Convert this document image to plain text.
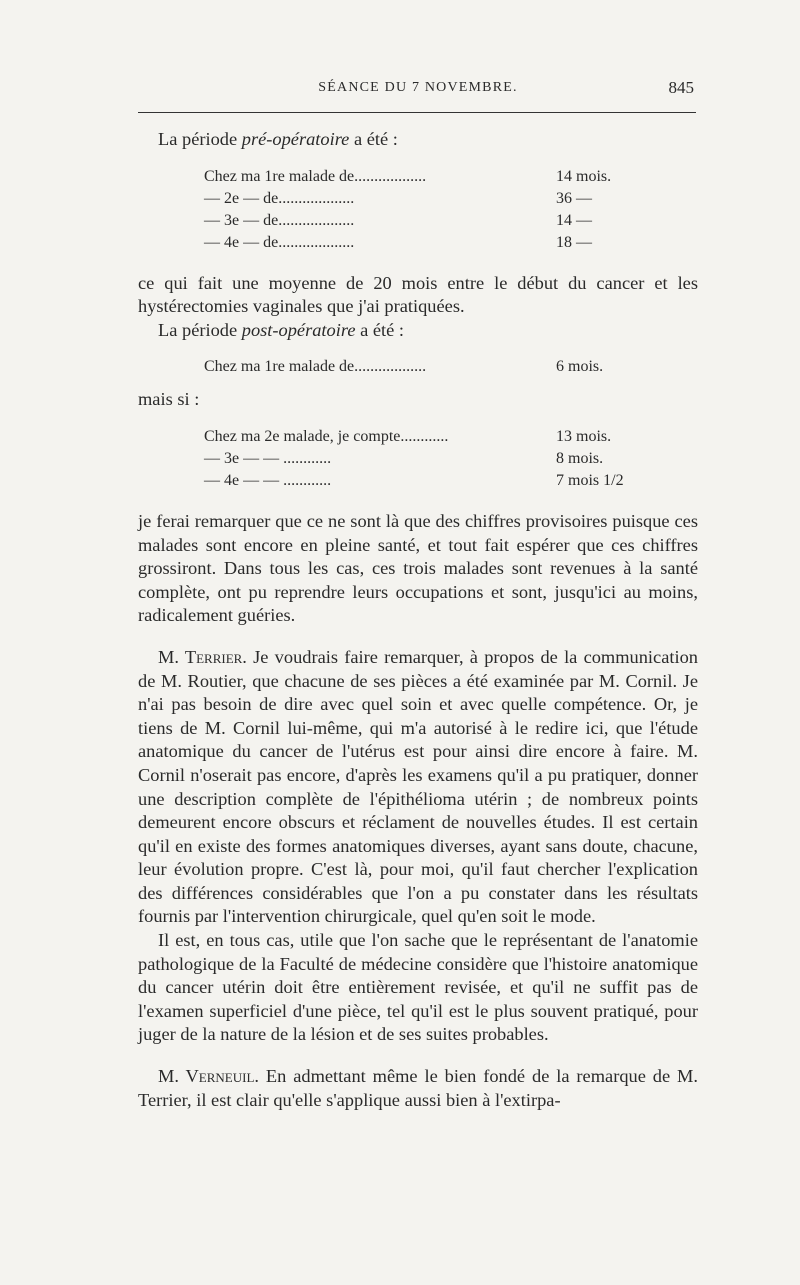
SÉANCE DU 7 NOVEMBRE.	845

La période pré-opératoire a été :

Chez ma 1re malade de..................	14 mois.
— 2e — de...................	36 —
— 3e — de...................	14 —
— 4e — de...................	18 —

ce qui fait une moyenne de 20 mois entre le début du cancer et les hystérectomies vaginales que j'ai pratiquées.

La période post-opératoire a été :

Chez ma 1re malade de..................	6 mois.

mais si :

Chez ma 2e malade, je compte............	13 mois.
— 3e — — ............	8 mois.
— 4e — — ............	7 mois 1/2

je ferai remarquer que ce ne sont là que des chiffres provisoires puisque ces malades sont encore en pleine santé, et tout fait espérer que ces chiffres grossiront. Dans tous les cas, ces trois malades sont revenues à la santé complète, ont pu reprendre leurs occupations et sont, jusqu'ici au moins, radicalement guéries.

M. Terrier. Je voudrais faire remarquer, à propos de la communication de M. Routier, que chacune de ses pièces a été examinée par M. Cornil. Je n'ai pas besoin de dire avec quel soin et avec quelle compétence. Or, je tiens de M. Cornil lui-même, qui m'a autorisé à le redire ici, que l'étude anatomique du cancer de l'utérus est pour ainsi dire encore à faire. M. Cornil n'oserait pas encore, d'après les examens qu'il a pu pratiquer, donner une description complète de l'épithélioma utérin ; de nombreux points demeurent encore obscurs et réclament de nouvelles études. Il est certain qu'il en existe des formes anatomiques diverses, ayant sans doute, chacune, leur évolution propre. C'est là, pour moi, qu'il faut chercher l'explication des différences considérables que l'on a pu constater dans les résultats fournis par l'intervention chirurgicale, quel qu'en soit le mode.

Il est, en tous cas, utile que l'on sache que le représentant de l'anatomie pathologique de la Faculté de médecine considère que l'histoire anatomique du cancer utérin doit être entièrement revisée, et qu'il ne suffit pas de l'examen superficiel d'une pièce, tel qu'il est le plus souvent pratiqué, pour juger de la nature de la lésion et de ses suites probables.

M. Verneuil. En admettant même le bien fondé de la remarque de M. Terrier, il est clair qu'elle s'applique aussi bien à l'extirpa-
